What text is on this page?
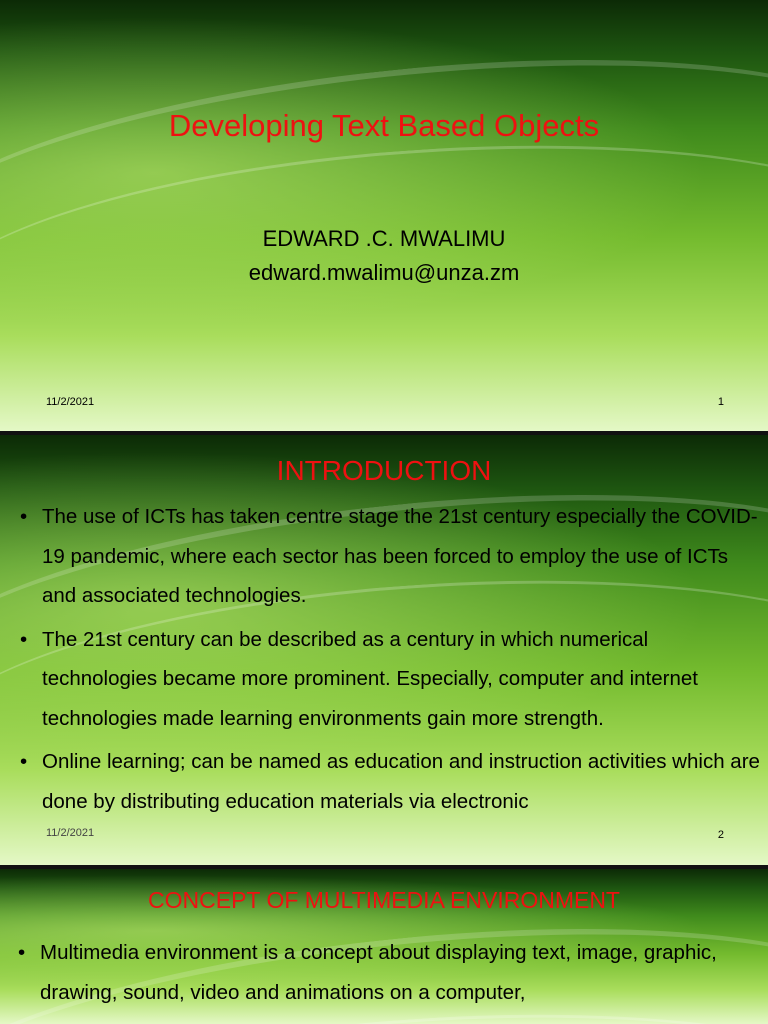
Developing Text Based Objects
EDWARD .C. MWALIMU
edward.mwalimu@unza.zm
11/2/2021	1
INTRODUCTION
• The use of ICTs has taken centre stage the 21st century especially the COVID-19 pandemic, where each sector has been forced to employ the use of ICTs and associated technologies.
• The 21st century can be described as a century in which numerical technologies became more prominent. Especially, computer and internet technologies made learning environments gain more strength.
• Online learning; can be named as education and instruction activities which are done by distributing education materials via electronic
11/2/2021	2
CONCEPT OF MULTIMEDIA ENVIRONMENT
• Multimedia environment is a concept about displaying text, image, graphic, drawing, sound, video and animations on a computer,
